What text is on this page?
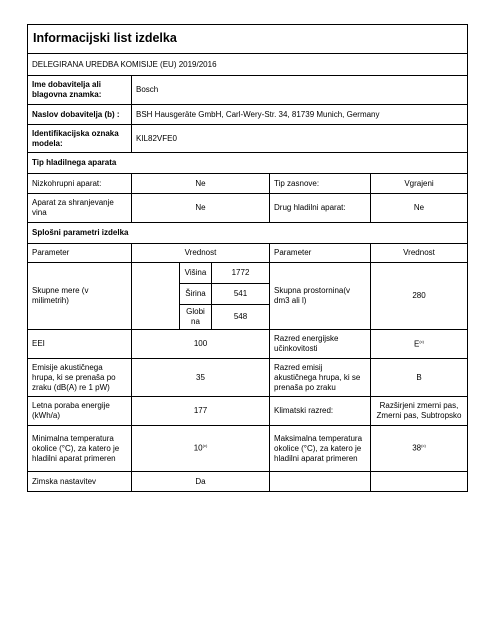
Informacijski list izdelka					
DELEGIRANA UREDBA KOMISIJE (EU) 2019/2016					
Ime dobavitelja ali blagovna znamka:	Bosch				
Naslov dobavitelja (b) :	BSH Hausgeräte GmbH, Carl-Wery-Str. 34, 81739 Munich, Germany				
Identifikacijska oznaka modela:	KIL82VFE0				
Tip hladilnega aparata					
Nizkohrupni aparat:	Ne			Tip zasnove:	Vgrajeni
Aparat za shranjevanje vina	Ne			Drug hladilni aparat:	Ne
Splošni parametri izdelka					
Parameter	Vrednost			Parameter	Vrednost
Skupne mere (v milimetrih)		Višina	1772	Skupna prostornina(v dm3 ali l)	280
		Širina	541		
		Globina	548		
EEI	100			Razred energijske učinkovitosti	$E^{(c)}$
Emisije akustičnega hrupa, ki se prenaša po zraku (dB(A) re 1 pW)	35			Razred emisij akustičnega hrupa, ki se prenaša po zraku	B
Letna poraba energije (kWh/a)	177			Klimatski razred:	Razširjeni zmerni pas, Zmerni pas, Subtropsko
Minimalna temperatura okolice (°C), za katero je hladilni aparat primeren	10$^{(c)}$			Maksimalna temperatura okolice (°C), za katero je hladilni aparat primeren	38$^{(c)}$
Zimska nastavitev	Da				
